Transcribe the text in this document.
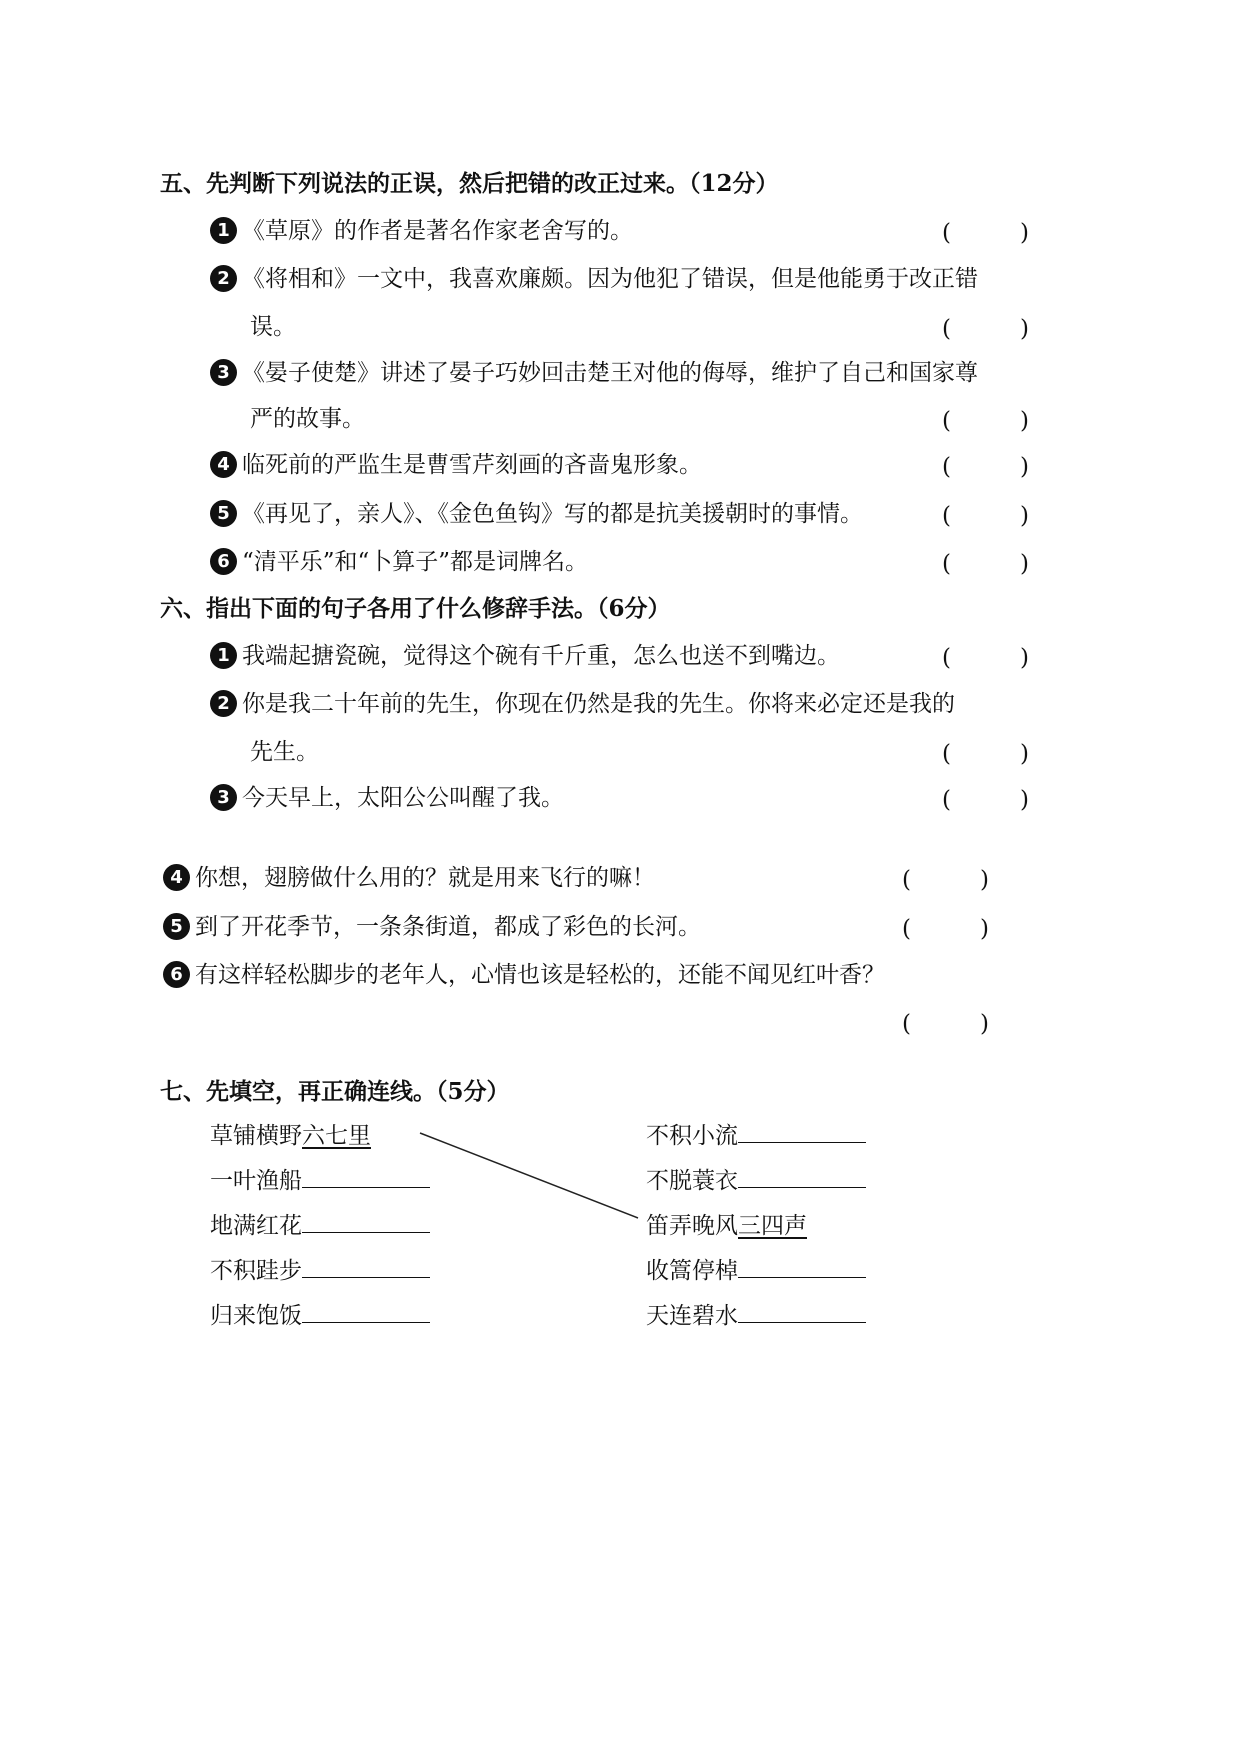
五、先判断下列说法的正误，然后把错的改正过来。（12分）
1 《草原》的作者是著名作家老舍写的。	(　　　)
2 《将相和》一文中，我喜欢廉颇。因为他犯了错误，但是他能勇于改正错
误。	(　　　)
3 《晏子使楚》讲述了晏子巧妙回击楚王对他的侮辱，维护了自己和国家尊
严的故事。	(　　　)
4 临死前的严监生是曹雪芹刻画的吝啬鬼形象。	(　　　)
5 《再见了，亲人》、《金色鱼钩》写的都是抗美援朝时的事情。	(　　　)
6 “清平乐”和“卜算子”都是词牌名。	(　　　)
六、指出下面的句子各用了什么修辞手法。（6分）
1 我端起搪瓷碗，觉得这个碗有千斤重，怎么也送不到嘴边。	(　　　)
2 你是我二十年前的先生，你现在仍然是我的先生。你将来必定还是我的
先生。	(　　　)
3 今天早上，太阳公公叫醒了我。	(　　　)
4 你想，翅膀做什么用的？就是用来飞行的嘛！	(　　　)
5 到了开花季节，一条条街道，都成了彩色的长河。	(　　　)
6 有这样轻松脚步的老年人，心情也该是轻松的，还能不闻见红叶香？
(　　　)
七、先填空，再正确连线。（5分）
草铺横野六七里
一叶渔船
地满红花
不积跬步
归来饱饭
不积小流
不脱蓑衣
笛弄晚风三四声
收篙停棹
天连碧水
